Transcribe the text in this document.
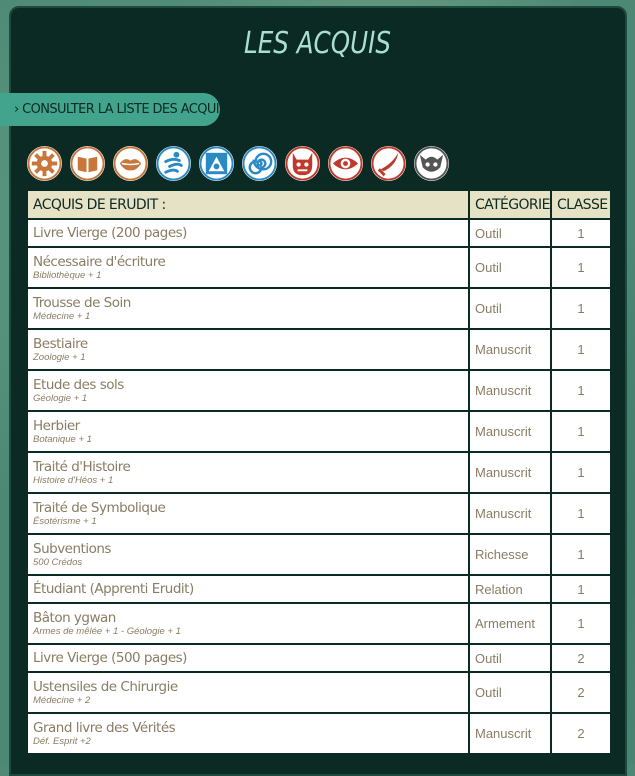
LES ACQUIS
› CONSULTER LA LISTE DES ACQUIS
ACQUIS DE ERUDIT :	CATÉGORIE	CLASSE

Livre Vierge (200 pages)	Outil	1

Nécessaire d'écriture
Bibliothèque + 1	Outil	1

Trousse de Soin
Médecine + 1	Outil	1

Bestiaire
Zoologie + 1	Manuscrit	1

Etude des sols
Géologie + 1	Manuscrit	1

Herbier
Botanique + 1	Manuscrit	1

Traité d'Histoire
Histoire d'Héos + 1	Manuscrit	1

Traité de Symbolique
Ésotérisme + 1	Manuscrit	1

Subventions
500 Crédos	Richesse	1

Étudiant (Apprenti Erudit)	Relation	1

Bâton ygwan
Armes de mêlée + 1 - Géologie + 1	Armement	1

Livre Vierge (500 pages)	Outil	2

Ustensiles de Chirurgie
Médecine + 2	Outil	2

Grand livre des Vérités
Déf. Esprit +2	Manuscrit	2
